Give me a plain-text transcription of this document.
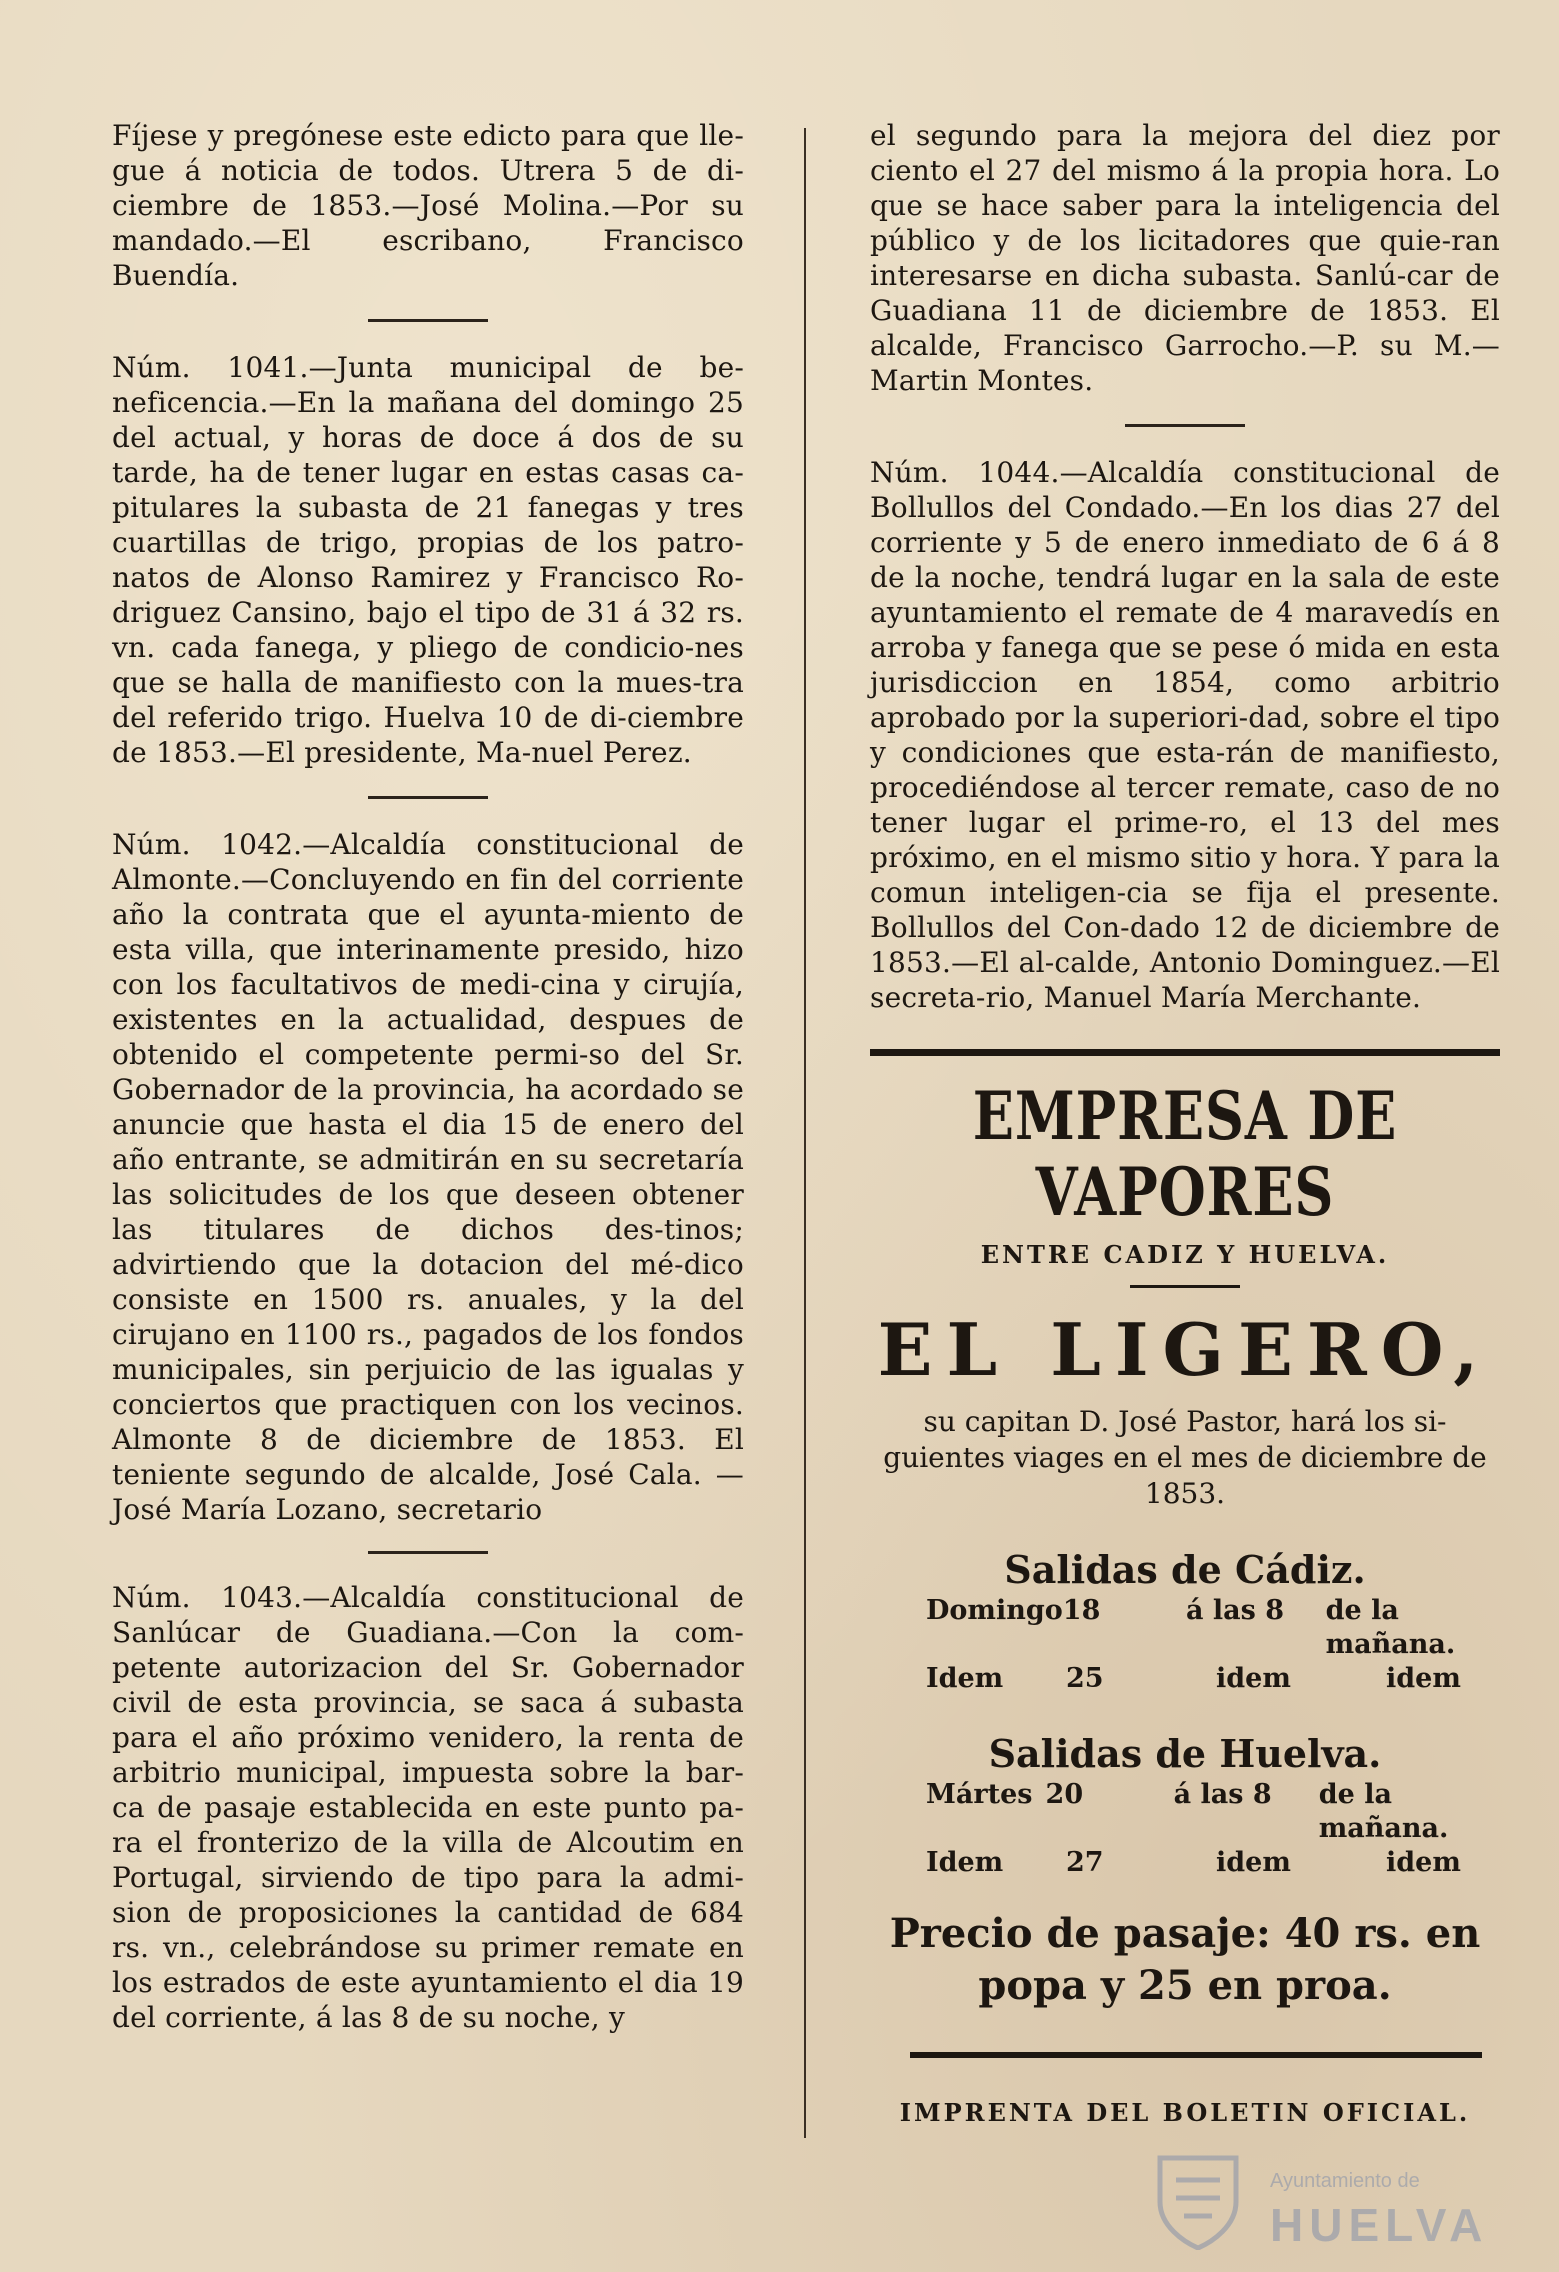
Fíjese y pregónese este edicto para que lle-gue á noticia de todos. Utrera 5 de di-ciembre de 1853.—José Molina.—Por su mandado.—El escribano, Francisco Buendía.

Núm. 1041.—Junta municipal de be-neficencia.—En la mañana del domingo 25 del actual, y horas de doce á dos de su tarde, ha de tener lugar en estas casas ca-pitulares la subasta de 21 fanegas y tres cuartillas de trigo, propias de los patro-natos de Alonso Ramirez y Francisco Ro-driguez Cansino, bajo el tipo de 31 á 32 rs. vn. cada fanega, y pliego de condicio-nes que se halla de manifiesto con la mues-tra del referido trigo. Huelva 10 de di-ciembre de 1853.—El presidente, Ma-nuel Perez.

Núm. 1042.—Alcaldía constitucional de Almonte.—Concluyendo en fin del corriente año la contrata que el ayunta-miento de esta villa, que interinamente presido, hizo con los facultativos de medi-cina y cirujía, existentes en la actualidad, despues de obtenido el competente permi-so del Sr. Gobernador de la provincia, ha acordado se anuncie que hasta el dia 15 de enero del año entrante, se admitirán en su secretaría las solicitudes de los que deseen obtener las titulares de dichos des-tinos; advirtiendo que la dotacion del mé-dico consiste en 1500 rs. anuales, y la del cirujano en 1100 rs., pagados de los fondos municipales, sin perjuicio de las igualas y conciertos que practiquen con los vecinos. Almonte 8 de diciembre de 1853. El teniente segundo de alcalde, José Cala. —José María Lozano, secretario

Núm. 1043.—Alcaldía constitucional de Sanlúcar de Guadiana.—Con la com-petente autorizacion del Sr. Gobernador civil de esta provincia, se saca á subasta para el año próximo venidero, la renta de arbitrio municipal, impuesta sobre la bar-ca de pasaje establecida en este punto pa-ra el fronterizo de la villa de Alcoutim en Portugal, sirviendo de tipo para la admi-sion de proposiciones la cantidad de 684 rs. vn., celebrándose su primer remate en los estrados de este ayuntamiento el dia 19 del corriente, á las 8 de su noche, y

el segundo para la mejora del diez por ciento el 27 del mismo á la propia hora. Lo que se hace saber para la inteligencia del público y de los licitadores que quie-ran interesarse en dicha subasta. Sanlú-car de Guadiana 11 de diciembre de 1853. El alcalde, Francisco Garrocho.—P. su M.—Martin Montes.

Núm. 1044.—Alcaldía constitucional de Bollullos del Condado.—En los dias 27 del corriente y 5 de enero inmediato de 6 á 8 de la noche, tendrá lugar en la sala de este ayuntamiento el remate de 4 maravedís en arroba y fanega que se pese ó mida en esta jurisdiccion en 1854, como arbitrio aprobado por la superiori-dad, sobre el tipo y condiciones que esta-rán de manifiesto, procediéndose al tercer remate, caso de no tener lugar el prime-ro, el 13 del mes próximo, en el mismo sitio y hora. Y para la comun inteligen-cia se fija el presente. Bollullos del Con-dado 12 de diciembre de 1853.—El al-calde, Antonio Dominguez.—El secreta-rio, Manuel María Merchante.

EMPRESA DE VAPORES
ENTRE CADIZ Y HUELVA.
EL LIGERO,
su capitan D. José Pastor, hará los si-guientes viages en el mes de diciembre de 1853.
Salidas de Cádiz.
Domingo 18	á las 8	de la mañana.
Idem	25	idem	idem
Salidas de Huelva.
Mártes 20	á las 8	de la mañana.
Idem	27	idem	idem
Precio de pasaje: 40 rs. en popa y 25 en proa.
IMPRENTA DEL BOLETIN OFICIAL.
Ayuntamiento de
HUELVA
